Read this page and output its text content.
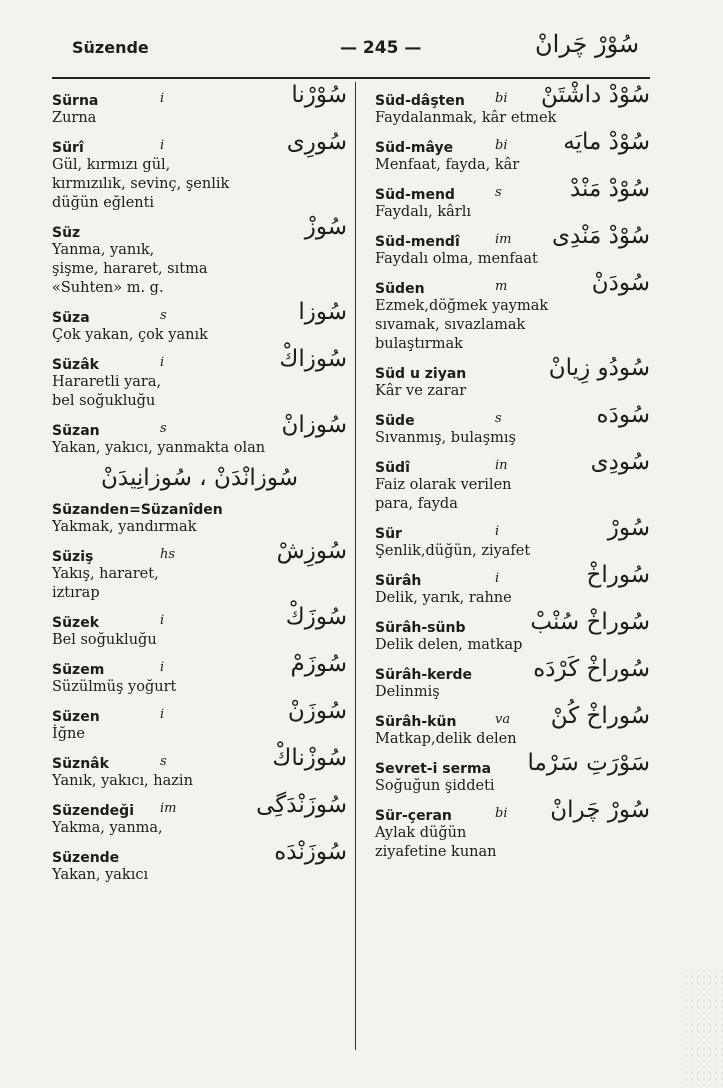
Süzende	— 245 —	سُوْرْ چَرانْ
Sürna	i	سُوْرْنا
Zurna
Sürî	i	سُورِى
Gül, kırmızı gül,
kırmızılık, sevinç, şenlik
düğün eğlenti
Süz	سُوزْ
Yanma, yanık,
şişme, hararet, sıtma
«Suhten» m. g.
Süza	s	سُوزا
Çok yakan, çok yanık
Süzâk	i	سُوزاكْ
Hararetli yara,
bel soğukluğu
Süzan	s	سُوزانْ
Yakan, yakıcı, yanmakta olan
سُوزانْدَنْ ، سُوزانِيدَنْ
Süzanden=Süzanîden
Yakmak, yandırmak
Süziş	hs	سُوزِشْ
Yakış, hararet,
iztırap
Süzek	i	سُوزَكْ
Bel soğukluğu
Süzem	i	سُوزَمْ
Süzülmüş yoğurt
Süzen	i	سُوزَنْ
İğne
Süznâk	s	سُوزْناكْ
Yanık, yakıcı, hazin
Süzendeği im	سُوزَنْدَگِى
Yakma, yanma,
Süzende	سُوزَنْدَه
Yakan, yakıcı
Süd-dâşten bi سُوْدْ داشْتَنْ
Faydalanmak, kâr etmek
Süd-mâye	bi سُوْدْ مايَه
Menfaat, fayda, kâr
Süd-mend	s	سُوْدْ مَنْدْ
Faydalı, kârlı
Süd-mendî	im سُوْدْ مَنْدِى
Faydalı olma, menfaat
Süden	m	سُودَنْ
Ezmek,döğmek yaymak
sıvamak, sıvazlamak
bulaştırmak
Süd u ziyan	سُودُو زِيانْ
Kâr ve zarar
Süde	s	سُودَه
Sıvanmış, bulaşmış
Südî	in	سُودِى
Faiz olarak verilen
para, fayda
Sür	i	سُورْ
Şenlik,düğün, ziyafet
Sürâh	i	سُوراخْ
Delik, yarık, rahne
Sürâh-sünb	سُوراخْ سُنْبْ
Delik delen, matkap
Sürâh-kerde	سُوراخْ كَرْدَه
Delinmiş
Sürâh-kün	va سُوراخْ كُنْ
Matkap,delik delen
Sevret-i serma سَوْرَتِ سَرْما
Soğuğun şiddeti
Sür-çeran	bi سُورْ چَرانْ
Aylak düğün
ziyafetine kunan
